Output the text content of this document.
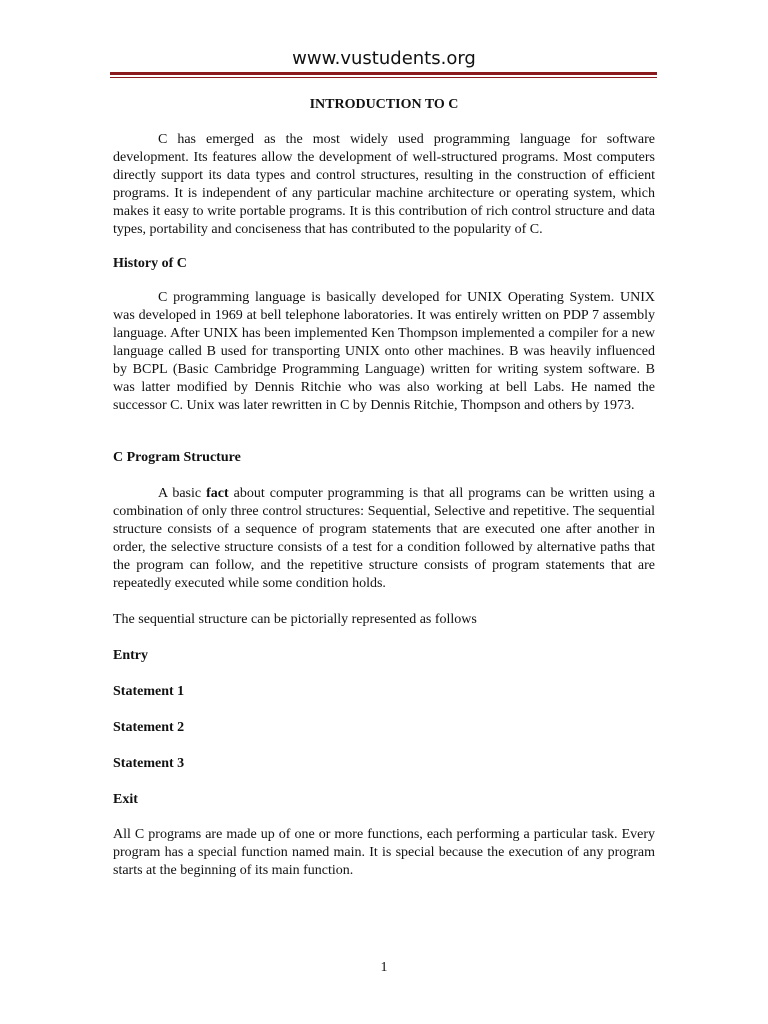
www.vustudents.org

INTRODUCTION TO C

C has emerged as the most widely used programming language for software development. Its features allow the development of well-structured programs. Most computers directly support its data types and control structures, resulting in the construction of efficient programs. It is independent of any particular machine architecture or operating system, which makes it easy to write portable programs. It is this contribution of rich control structure and data types, portability and conciseness that has contributed to the popularity of C.

History of C

C programming language is basically developed for UNIX Operating System. UNIX was developed in 1969 at bell telephone laboratories. It was entirely written on PDP 7 assembly language. After UNIX has been implemented Ken Thompson implemented a compiler for a new language called B used for transporting UNIX onto other machines. B was heavily influenced by BCPL (Basic Cambridge Programming Language) written for writing system software. B was latter modified by Dennis Ritchie who was also working at bell Labs. He named the successor C. Unix was later rewritten in C by Dennis Ritchie, Thompson and others by 1973.

C Program Structure

A basic fact about computer programming is that all programs can be written using a combination of only three control structures: Sequential, Selective and repetitive. The sequential structure consists of a sequence of program statements that are executed one after another in order, the selective structure consists of a test for a condition followed by alternative paths that the program can follow, and the repetitive structure consists of program statements that are repeatedly executed while some condition holds.

The sequential structure can be pictorially represented as follows

Entry

Statement 1

Statement 2

Statement 3

Exit

All C programs are made up of one or more functions, each performing a particular task. Every program has a special function named main. It is special because the execution of any program starts at the beginning of its main function.

1
